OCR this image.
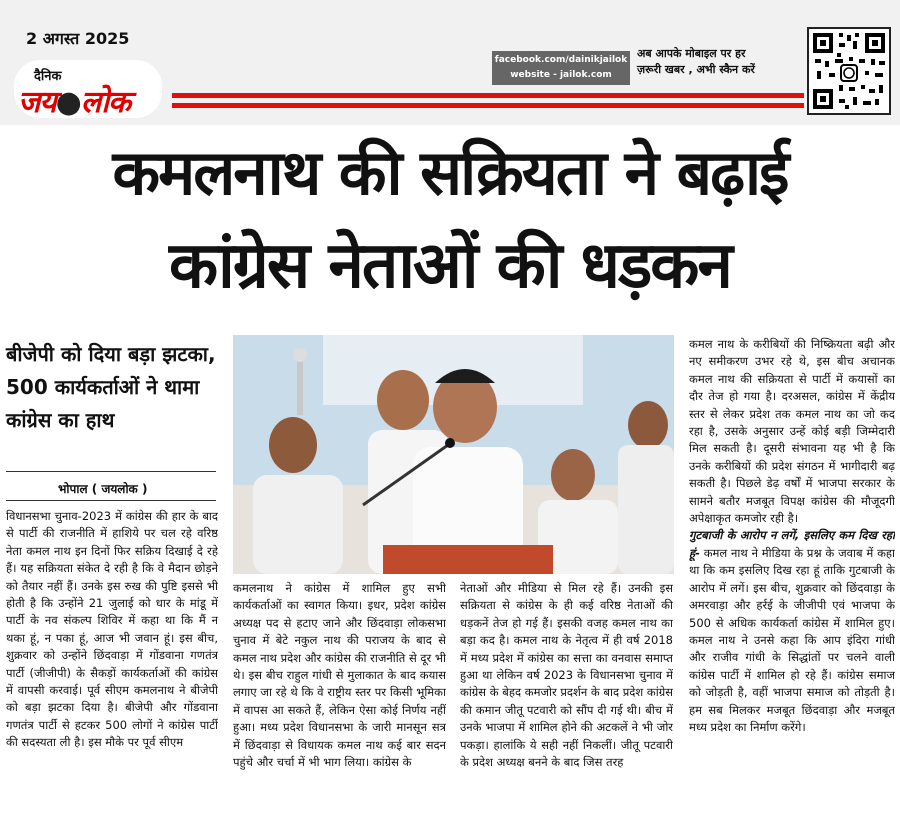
2 अगस्त 2025
दैनिक
जय●लोक
facebook.com/dainikjailok
website - jailok.com
अब आपके मोबाइल पर हर
ज़रूरी खबर , अभी स्कैन करें
कमलनाथ की सक्रियता ने बढ़ाई
कांग्रेस नेताओं की धड़कन
बीजेपी को दिया बड़ा झटका, 500 कार्यकर्ताओं ने थामा कांग्रेस का हाथ
भोपाल ( जयलोक )
विधानसभा चुनाव-2023 में कांग्रेस की हार के बाद से पार्टी की राजनीति में हाशिये पर चल रहे वरिष्ठ नेता कमल नाथ इन दिनों फिर सक्रिय दिखाई दे रहे हैं। यह सक्रियता संकेत दे रही है कि वे मैदान छोड़ने को तैयार नहीं हैं। उनके इस रुख की पुष्टि इससे भी होती है कि उन्होंने 21 जुलाई को धार के मांडू में पार्टी के नव संकल्प शिविर में कहा था कि मैं न थका हूं, न पका हूं, आज भी जवान हूं। इस बीच, शुक्रवार को उन्होंने छिंदवाड़ा में गोंडवाना गणतंत्र पार्टी (जीजीपी) के सैकड़ों कार्यकर्ताओं की कांग्रेस में वापसी करवाई। पूर्व सीएम कमलनाथ ने बीजेपी को बड़ा झटका दिया है। बीजेपी और गोंडवाना गणतंत्र पार्टी से हटकर 500 लोगों ने कांग्रेस पार्टी की सदस्यता ली है। इस मौके पर पूर्व सीएम
कमलनाथ ने कांग्रेस में शामिल हुए सभी कार्यकर्ताओं का स्वागत किया। इधर, प्रदेश कांग्रेस अध्यक्ष पद से हटाए जाने और छिंदवाड़ा लोकसभा चुनाव में बेटे नकुल नाथ की पराजय के बाद से कमल नाथ प्रदेश और कांग्रेस की राजनीति से दूर भी थे। इस बीच राहुल गांधी से मुलाकात के बाद कयास लगाए जा रहे थे कि वे राष्ट्रीय स्तर पर किसी भूमिका में वापस आ सकते हैं, लेकिन ऐसा कोई निर्णय नहीं हुआ। मध्य प्रदेश विधानसभा के जारी मानसून सत्र में छिंदवाड़ा से विधायक कमल नाथ कई बार सदन पहुंचे और चर्चा में भी भाग लिया। कांग्रेस के
नेताओं और मीडिया से मिल रहे हैं। उनकी इस सक्रियता से कांग्रेस के ही कई वरिष्ठ नेताओं की धड़कनें तेज हो गई हैं। इसकी वजह कमल नाथ का बड़ा कद है। कमल नाथ के नेतृत्व में ही वर्ष 2018 में मध्य प्रदेश में कांग्रेस का सत्ता का वनवास समाप्त हुआ था लेकिन वर्ष 2023 के विधानसभा चुनाव में कांग्रेस के बेहद कमजोर प्रदर्शन के बाद प्रदेश कांग्रेस की कमान जीतू पटवारी को सौंप दी गई थी। बीच में उनके भाजपा में शामिल होने की अटकलें ने भी जोर पकड़ा। हालांकि ये सही नहीं निकलीं। जीतू पटवारी के प्रदेश अध्यक्ष बनने के बाद जिस तरह
कमल नाथ के करीबियों की निष्क्रियता बढ़ी और नए समीकरण उभर रहे थे, इस बीच अचानक कमल नाथ की सक्रियता से पार्टी में कयासों का दौर तेज हो गया है। दरअसल, कांग्रेस में केंद्रीय स्तर से लेकर प्रदेश तक कमल नाथ का जो कद रहा है, उसके अनुसार उन्हें कोई बड़ी जिम्मेदारी मिल सकती है। दूसरी संभावना यह भी है कि उनके करीबियों की प्रदेश संगठन में भागीदारी बढ़ सकती है। पिछले डेढ़ वर्षों में भाजपा सरकार के सामने बतौर मजबूत विपक्ष कांग्रेस की मौजूदगी अपेक्षाकृत कमजोर रही है।
गुटबाजी के आरोप न लगें, इसलिए कम दिख रहा हूं- कमल नाथ ने मीडिया के प्रश्न के जवाब में कहा था कि कम इसलिए दिख रहा हूं ताकि गुटबाजी के आरोप में लगें। इस बीच, शुक्रवार को छिंदवाड़ा के अमरवाड़ा और हर्रई के जीजीपी एवं भाजपा के 500 से अधिक कार्यकर्ता कांग्रेस में शामिल हुए। कमल नाथ ने उनसे कहा कि आप इंदिरा गांधी और राजीव गांधी के सिद्धांतों पर चलने वाली कांग्रेस पार्टी में शामिल हो रहे हैं। कांग्रेस समाज को जोड़ती है, वहीं भाजपा समाज को तोड़ती है। हम सब मिलकर मजबूत छिंदवाड़ा और मजबूत मध्य प्रदेश का निर्माण करेंगे।
